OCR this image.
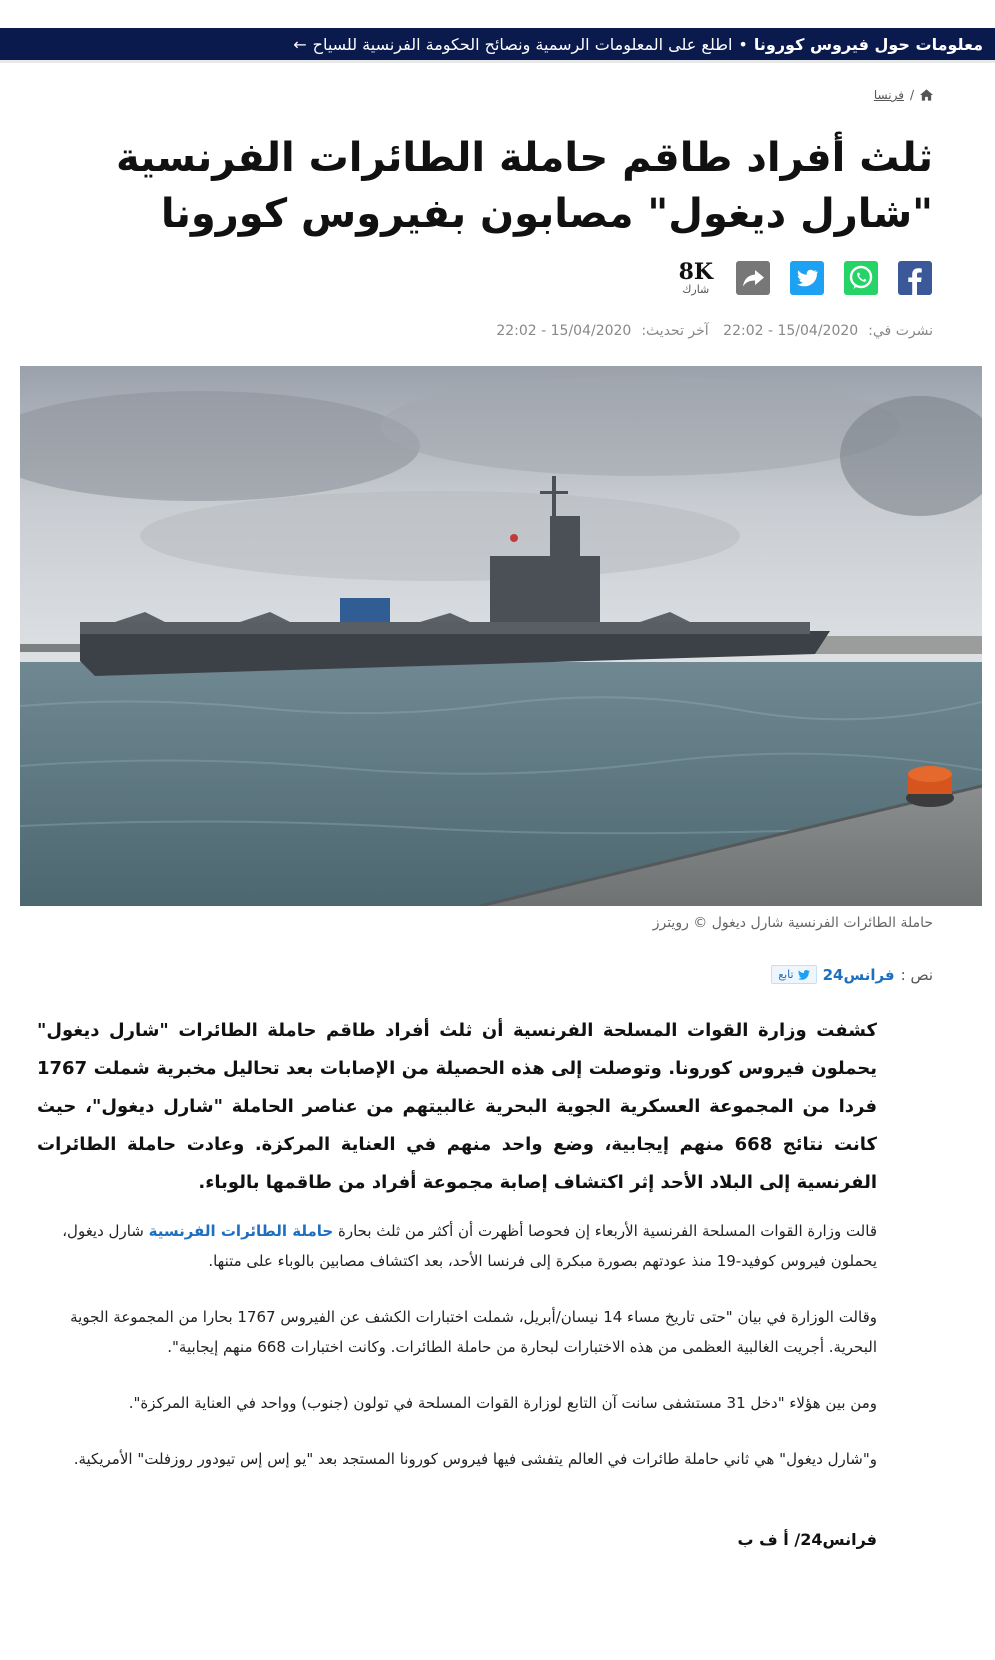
معلومات حول فيروس كورونا
•
اطلع على المعلومات الرسمية ونصائح الحكومة الفرنسية للسياح
←
/
فرنسا
ثلث أفراد طاقم حاملة الطائرات الفرنسية "شارل ديغول" مصابون بفيروس كورونا
8K
شارك
نشرت في:15/04/2020 - 22:02 آخر تحديث:15/04/2020 - 22:02
حاملة الطائرات الفرنسية شارل ديغول © رويترز
نص :
فرانس24
تابع

كشفت وزارة القوات المسلحة الفرنسية أن ثلث أفراد طاقم حاملة الطائرات "شارل ديغول" يحملون فيروس كورونا. وتوصلت إلى هذه الحصيلة من الإصابات بعد تحاليل مخبرية شملت 1767 فردا من المجموعة العسكرية الجوية البحرية غالبيتهم من عناصر الحاملة "شارل ديغول"، حيث كانت نتائج 668 منهم إيجابية، وضع واحد منهم في العناية المركزة. وعادت حاملة الطائرات الفرنسية إلى البلاد الأحد إثر اكتشاف إصابة مجموعة أفراد من طاقمها بالوباء.

قالت وزارة القوات المسلحة الفرنسية الأربعاء إن فحوصا أظهرت أن أكثر من ثلث بحارة حاملة الطائرات الفرنسية شارل ديغول، يحملون فيروس كوفيد-19 منذ عودتهم بصورة مبكرة إلى فرنسا الأحد، بعد اكتشاف مصابين بالوباء على متنها.

وقالت الوزارة في بيان "حتى تاريخ مساء 14 نيسان/أبريل، شملت اختبارات الكشف عن الفيروس 1767 بحارا من المجموعة الجوية البحرية. أجريت الغالبية العظمى من هذه الاختبارات لبحارة من حاملة الطائرات. وكانت اختبارات 668 منهم إيجابية".

ومن بين هؤلاء "دخل 31 مستشفى سانت آن التابع لوزارة القوات المسلحة في تولون (جنوب) وواحد في العناية المركزة".

و"شارل ديغول" هي ثاني حاملة طائرات في العالم يتفشى فيها فيروس كورونا المستجد بعد "يو إس إس تيودور روزفلت" الأمريكية.

فرانس24/ أ ف ب
